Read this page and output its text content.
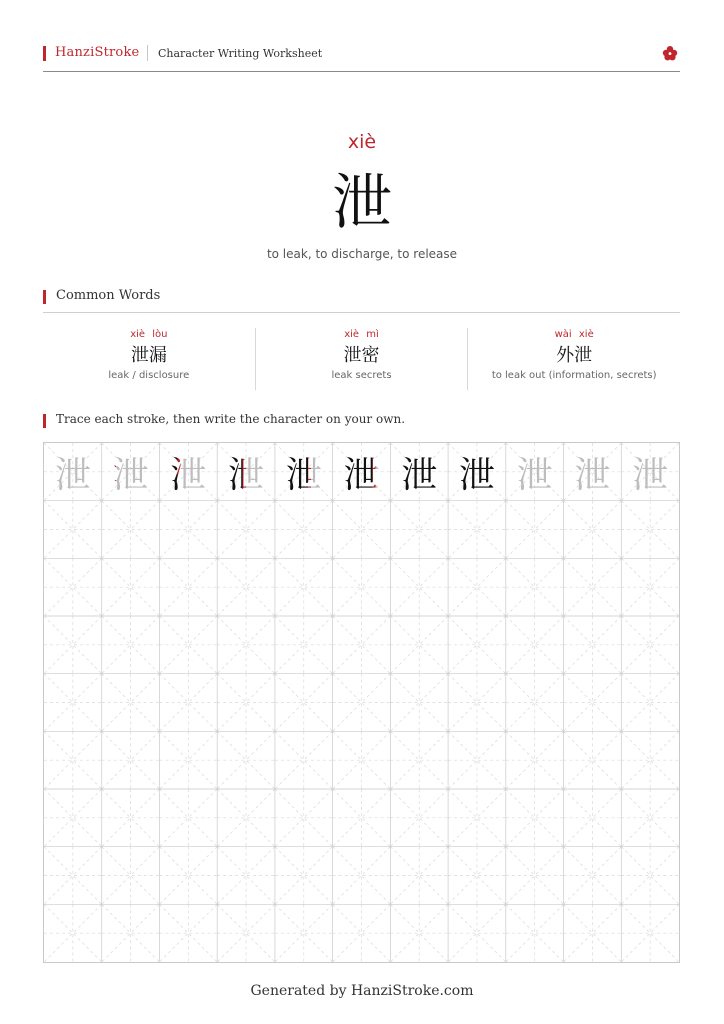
HanziStroke Character Writing Worksheet
xiè
泄
to leak, to discharge, to release
Common Words
xiè lòu
泄漏
leak / disclosure
xiè mì
泄密
leak secrets
wài xiè
外泄
to leak out (information, secrets)
Trace each stroke, then write the character on your own.
泄 泄 泄 泄 泄 泄 泄 泄 泄 泄 泄
Generated by HanziStroke.com
